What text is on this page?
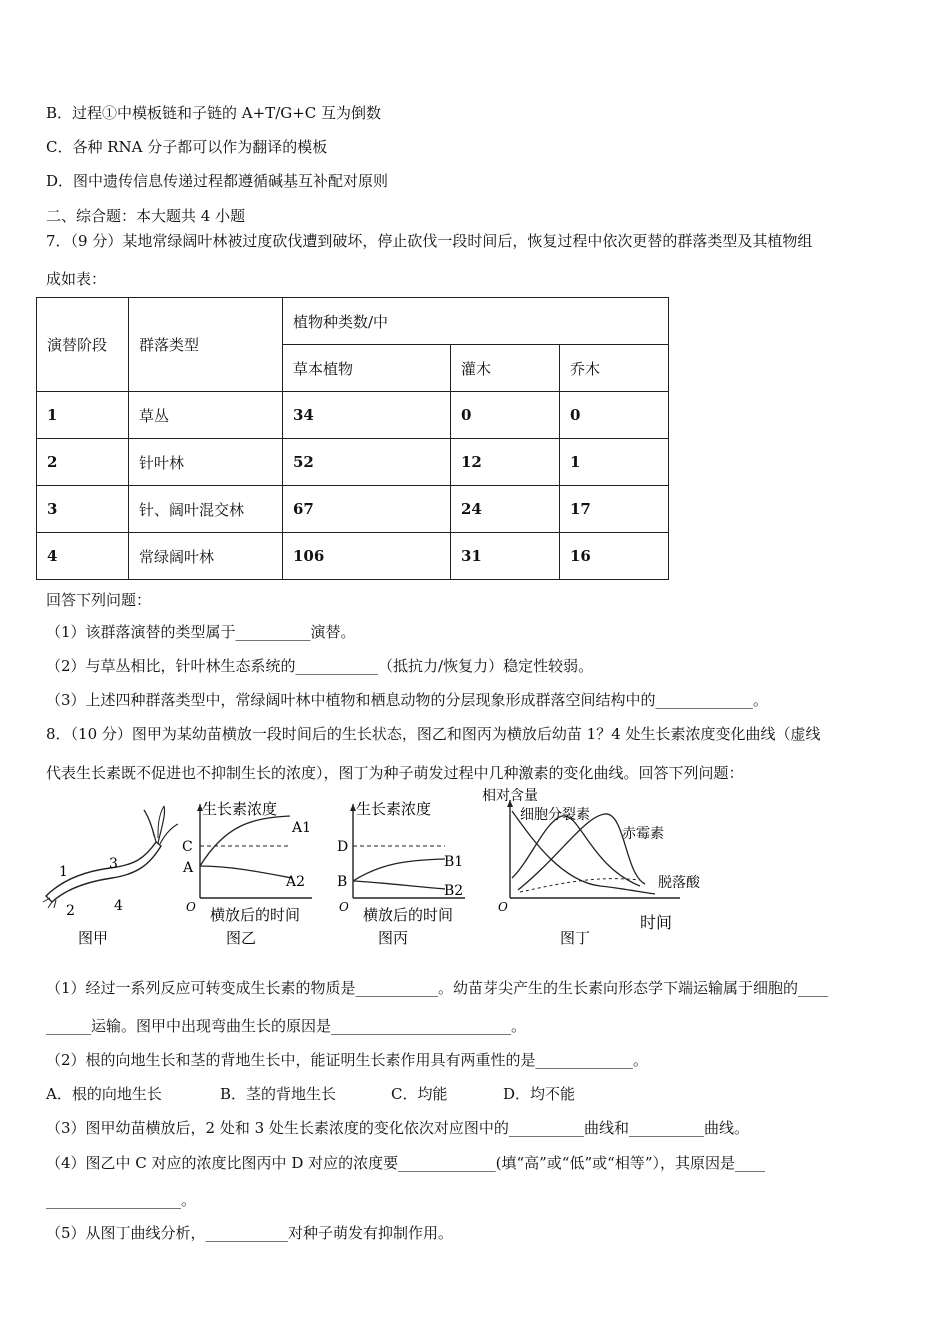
B．过程①中模板链和子链的 A+T/G+C 互为倒数
C．各种 RNA 分子都可以作为翻译的模板
D．图中遗传信息传递过程都遵循碱基互补配对原则
二、综合题：本大题共 4 小题
7．（9 分）某地常绿阔叶林被过度砍伐遭到破坏，停止砍伐一段时间后，恢复过程中依次更替的群落类型及其植物组
成如表：
演替阶段	群落类型	植物种类数/中		
		草本植物	灌木	乔木
1	草丛	34	0	0
2	针叶林	52	12	1
3	针、阔叶混交林	67	24	17
4	常绿阔叶林	106	31	16
回答下列问题：
（1）该群落演替的类型属于__________演替。
（2）与草丛相比，针叶林生态系统的___________（抵抗力/恢复力）稳定性较弱。
（3）上述四种群落类型中，常绿阔叶林中植物和栖息动物的分层现象形成群落空间结构中的_____________。
8．（10 分）图甲为某幼苗横放一段时间后的生长状态，图乙和图丙为横放后幼苗 1？4 处生长素浓度变化曲线（虚线
代表生长素既不促进也不抑制生长的浓度），图丁为种子萌发过程中几种激素的变化曲线。回答下列问题：
1
2
3
4
图甲
生长素浓度
C
A
A1
A2
O 横放后的时间
图乙
生长素浓度
D
B
B1
B2
O 横放后的时间
图丙
相对含量
细胞分裂素
赤霉素
脱落酸
O
时间
图丁
（1）经过一系列反应可转变成生长素的物质是___________。幼苗芽尖产生的生长素向形态学下端运输属于细胞的____
______运输。图甲中出现弯曲生长的原因是________________________。
（2）根的向地生长和茎的背地生长中，能证明生长素作用具有两重性的是_____________。
A．根的向地生长	B．茎的背地生长	C．均能	D．均不能
（3）图甲幼苗横放后，2 处和 3 处生长素浓度的变化依次对应图中的__________曲线和__________曲线。
（4）图乙中 C 对应的浓度比图丙中 D 对应的浓度要_____________(填“高”或“低”或“相等”），其原因是____
__________________。
（5）从图丁曲线分析，___________对种子萌发有抑制作用。
